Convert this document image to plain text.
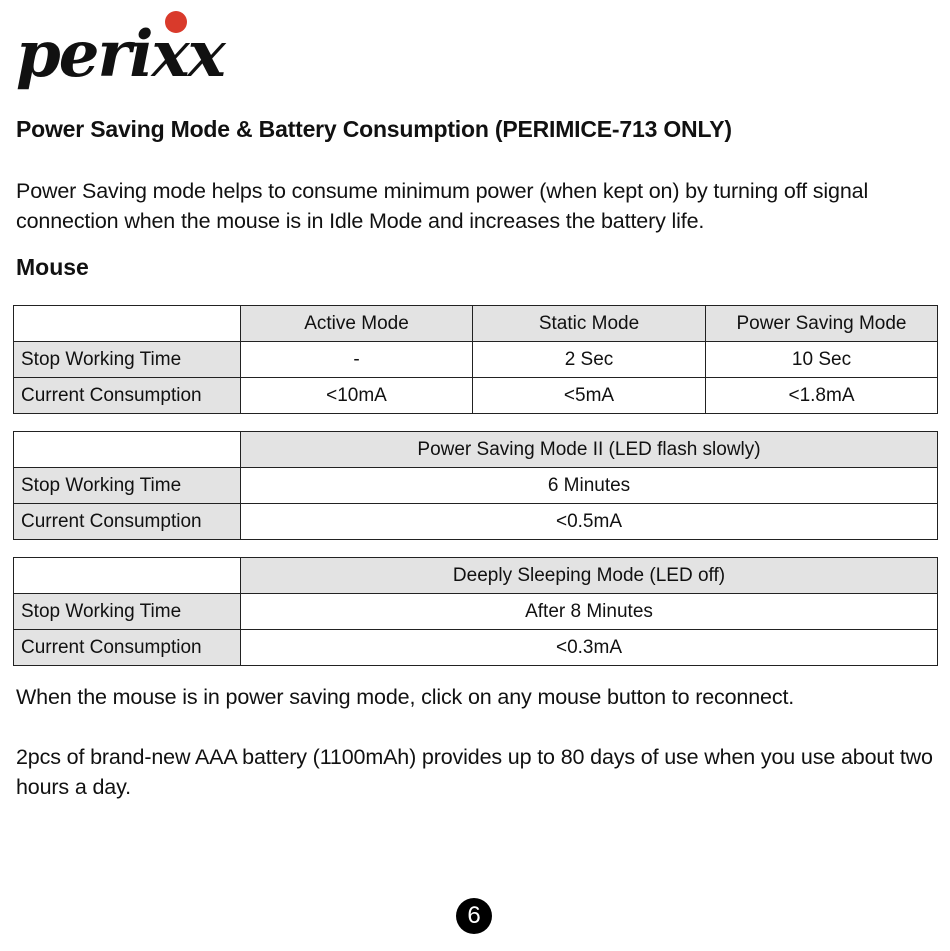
perixx
Power Saving Mode & Battery Consumption (PERIMICE-713 ONLY)

Power Saving mode helps to consume minimum power (when kept on) by turning off signal connection when the mouse is in Idle Mode and increases the battery life.

Mouse
	Active Mode	Static Mode	Power Saving Mode
Stop Working Time	-	2 Sec	10 Sec
Current Consumption	<10mA	<5mA	<1.8mA
	Power Saving Mode II (LED flash slowly)
Stop Working Time	6 Minutes
Current Consumption	<0.5mA
	Deeply Sleeping Mode (LED off)
Stop Working Time	After 8 Minutes
Current Consumption	<0.3mA

When the mouse is in power saving mode, click on any mouse button to reconnect.

2pcs of brand-new AAA battery (1100mAh) provides up to 80 days of use when you use about two hours a day.

6
